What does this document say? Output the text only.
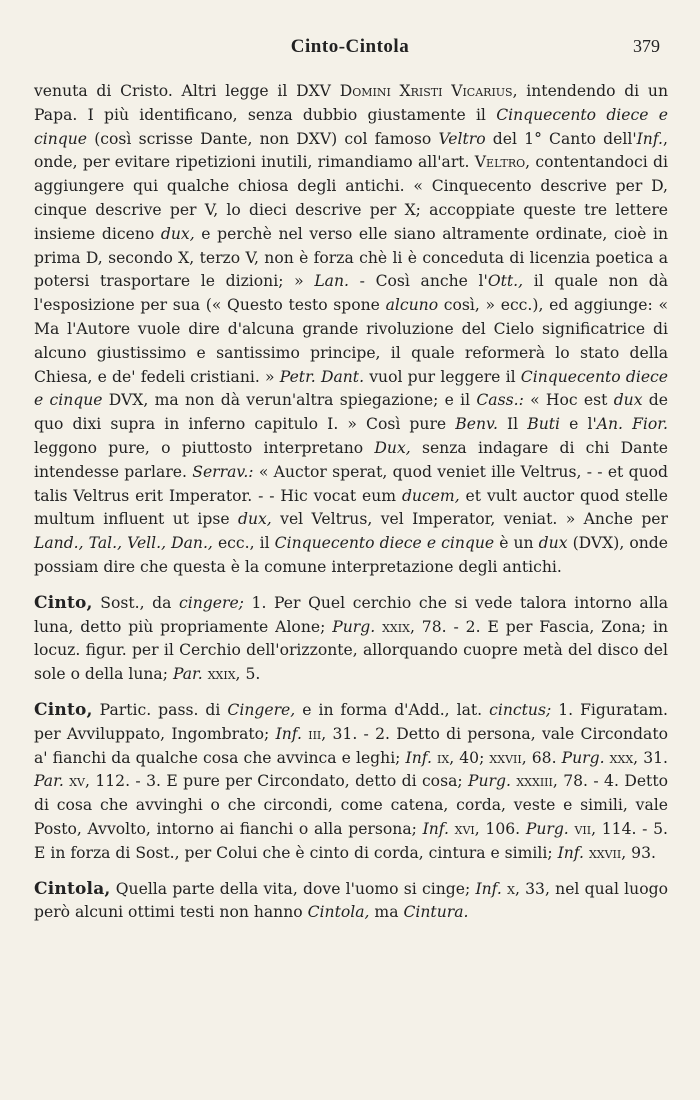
Cinto-Cintola	379

venuta di Cristo. Altri legge il DXV Domini Xristi Vicarius, intendendo di un Papa. I più identificano, senza dubbio giustamente il Cinquecento diece e cinque (così scrisse Dante, non DXV) col famoso Veltro del 1° Canto dell'Inf., onde, per evitare ripetizioni inutili, rimandiamo all'art. Veltro, contentandoci di aggiungere qui qualche chiosa degli antichi. « Cinquecento descrive per D, cinque descrive per V, lo dieci descrive per X; accoppiate queste tre lettere insieme diceno dux, e perchè nel verso elle siano altramente ordinate, cioè in prima D, secondo X, terzo V, non è forza chè li è conceduta di licenzia poetica a potersi trasportare le dizioni; » Lan. - Così anche l'Ott., il quale non dà l'esposizione per sua (« Questo testo spone alcuno così, » ecc.), ed aggiunge: « Ma l'Autore vuole dire d'alcuna grande rivoluzione del Cielo significatrice di alcuno giustissimo e santissimo principe, il quale reformerà lo stato della Chiesa, e de' fedeli cristiani. » Petr. Dant. vuol pur leggere il Cinquecento diece e cinque DVX, ma non dà verun'altra spiegazione; e il Cass.: « Hoc est dux de quo dixi supra in inferno capitulo I. » Così pure Benv. Il Buti e l'An. Fior. leggono pure, o piuttosto interpretano Dux, senza indagare di chi Dante intendesse parlare. Serrav.: « Auctor sperat, quod veniet ille Veltrus, - - et quod talis Veltrus erit Imperator. - - Hic vocat eum ducem, et vult auctor quod stelle multum influent ut ipse dux, vel Veltrus, vel Imperator, veniat. » Anche per Land., Tal., Vell., Dan., ecc., il Cinquecento diece e cinque è un dux (DVX), onde possiam dire che questa è la comune interpretazione degli antichi.

Cinto, Sost., da cingere; 1. Per Quel cerchio che si vede talora intorno alla luna, detto più propriamente Alone; Purg. xxix, 78. - 2. E per Fascia, Zona; in locuz. figur. per il Cerchio dell'orizzonte, allorquando cuopre metà del disco del sole o della luna; Par. xxix, 5.

Cinto, Partic. pass. di Cingere, e in forma d'Add., lat. cinctus; 1. Figuratam. per Avviluppato, Ingombrato; Inf. iii, 31. - 2. Detto di persona, vale Circondato a' fianchi da qualche cosa che avvinca e leghi; Inf. ix, 40; xxvii, 68. Purg. xxx, 31. Par. xv, 112. - 3. E pure per Circondato, detto di cosa; Purg. xxxiii, 78. - 4. Detto di cosa che avvinghi o che circondi, come catena, corda, veste e simili, vale Posto, Avvolto, intorno ai fianchi o alla persona; Inf. xvi, 106. Purg. vii, 114. - 5. E in forza di Sost., per Colui che è cinto di corda, cintura e simili; Inf. xxvii, 93.

Cintola, Quella parte della vita, dove l'uomo si cinge; Inf. x, 33, nel qual luogo però alcuni ottimi testi non hanno Cintola, ma Cintura.
